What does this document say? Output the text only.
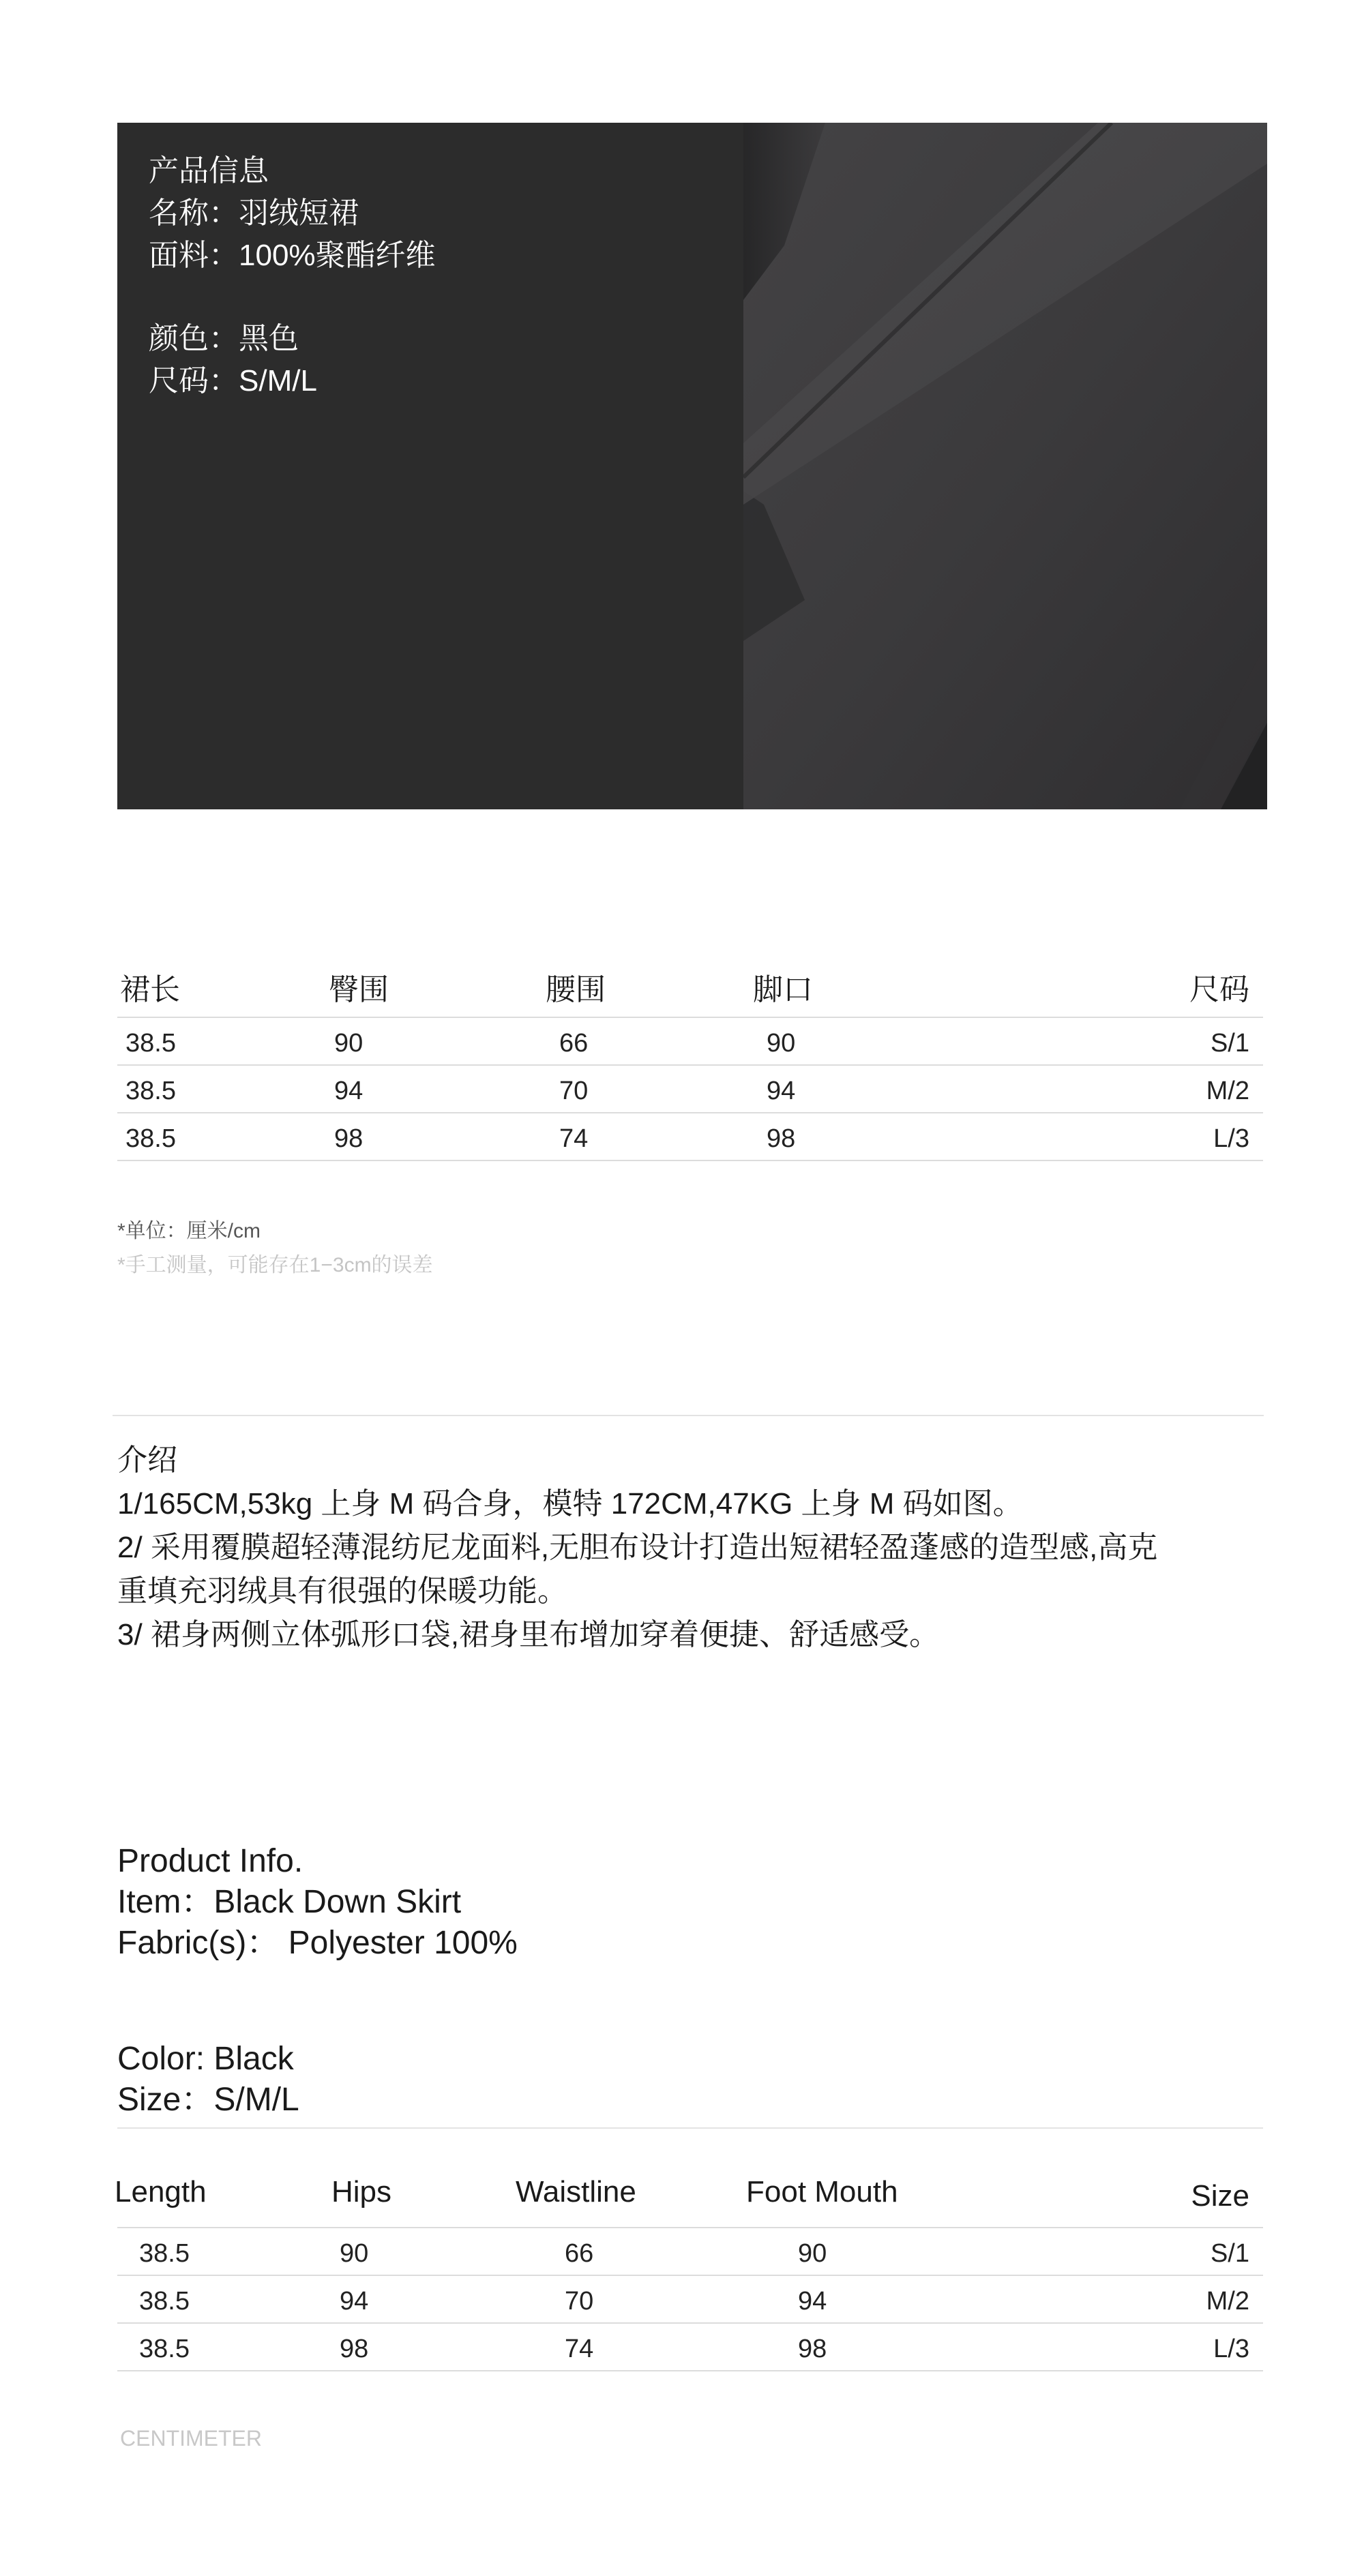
产品信息
名称：羽绒短裙
面料：100%聚酯纤维
颜色：黑色
尺码：S/M/L
裙长	臀围	腰围	脚口	尺码
38.5	90	66	90	S/1
38.5	94	70	94	M/2
38.5	98	74	98	L/3
*单位：厘米/cm
*手工测量，可能存在1−3cm的误差
介绍
1/165CM,53kg 上身 M 码合身，模特 172CM,47KG 上身 M 码如图。
2/ 采用覆膜超轻薄混纺尼龙面料,无胆布设计打造出短裙轻盈蓬感的造型感,高克
重填充羽绒具有很强的保暖功能。
3/ 裙身两侧立体弧形口袋,裙身里布增加穿着便捷、舒适感受。
Product Info.
Item：Black Down Skirt
Fabric(s)： Polyester 100%
Color: Black
Size：S/M/L
Length	Hips	Waistline	Foot Mouth	Size
38.5	90	66	90	S/1
38.5	94	70	94	M/2
38.5	98	74	98	L/3
CENTIMETER
